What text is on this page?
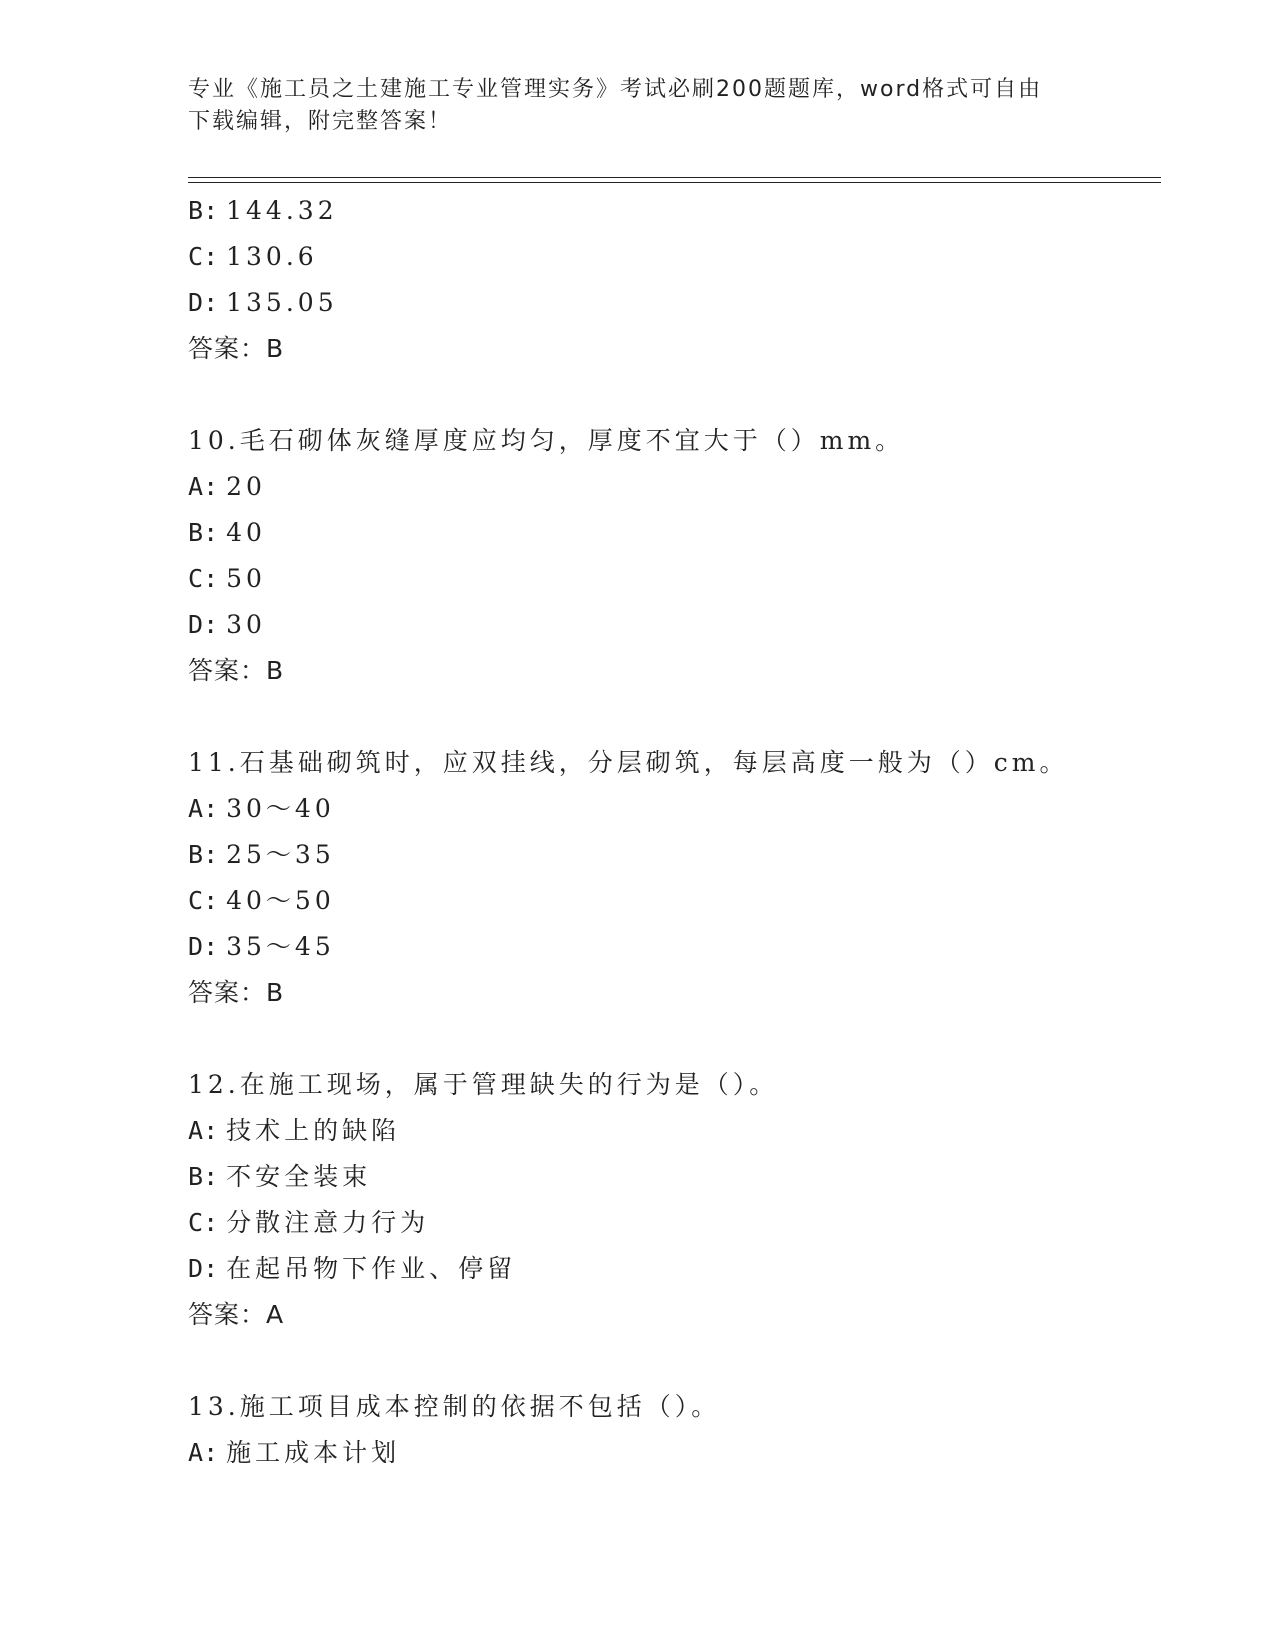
专业《施工员之土建施工专业管理实务》考试必刷200题题库，word格式可自由
下载编辑，附完整答案！
B: 144.32
C: 130.6
D: 135.05
答案：B
10.毛石砌体灰缝厚度应均匀，厚度不宜大于（）mm。
A: 20
B: 40
C: 50
D: 30
答案：B
11.石基础砌筑时，应双挂线，分层砌筑，每层高度一般为（）cm。
A: 30～40
B: 25～35
C: 40～50
D: 35～45
答案：B
12.在施工现场，属于管理缺失的行为是（）。
A: 技术上的缺陷
B: 不安全装束
C: 分散注意力行为
D: 在起吊物下作业、停留
答案：A
13.施工项目成本控制的依据不包括（）。
A: 施工成本计划
